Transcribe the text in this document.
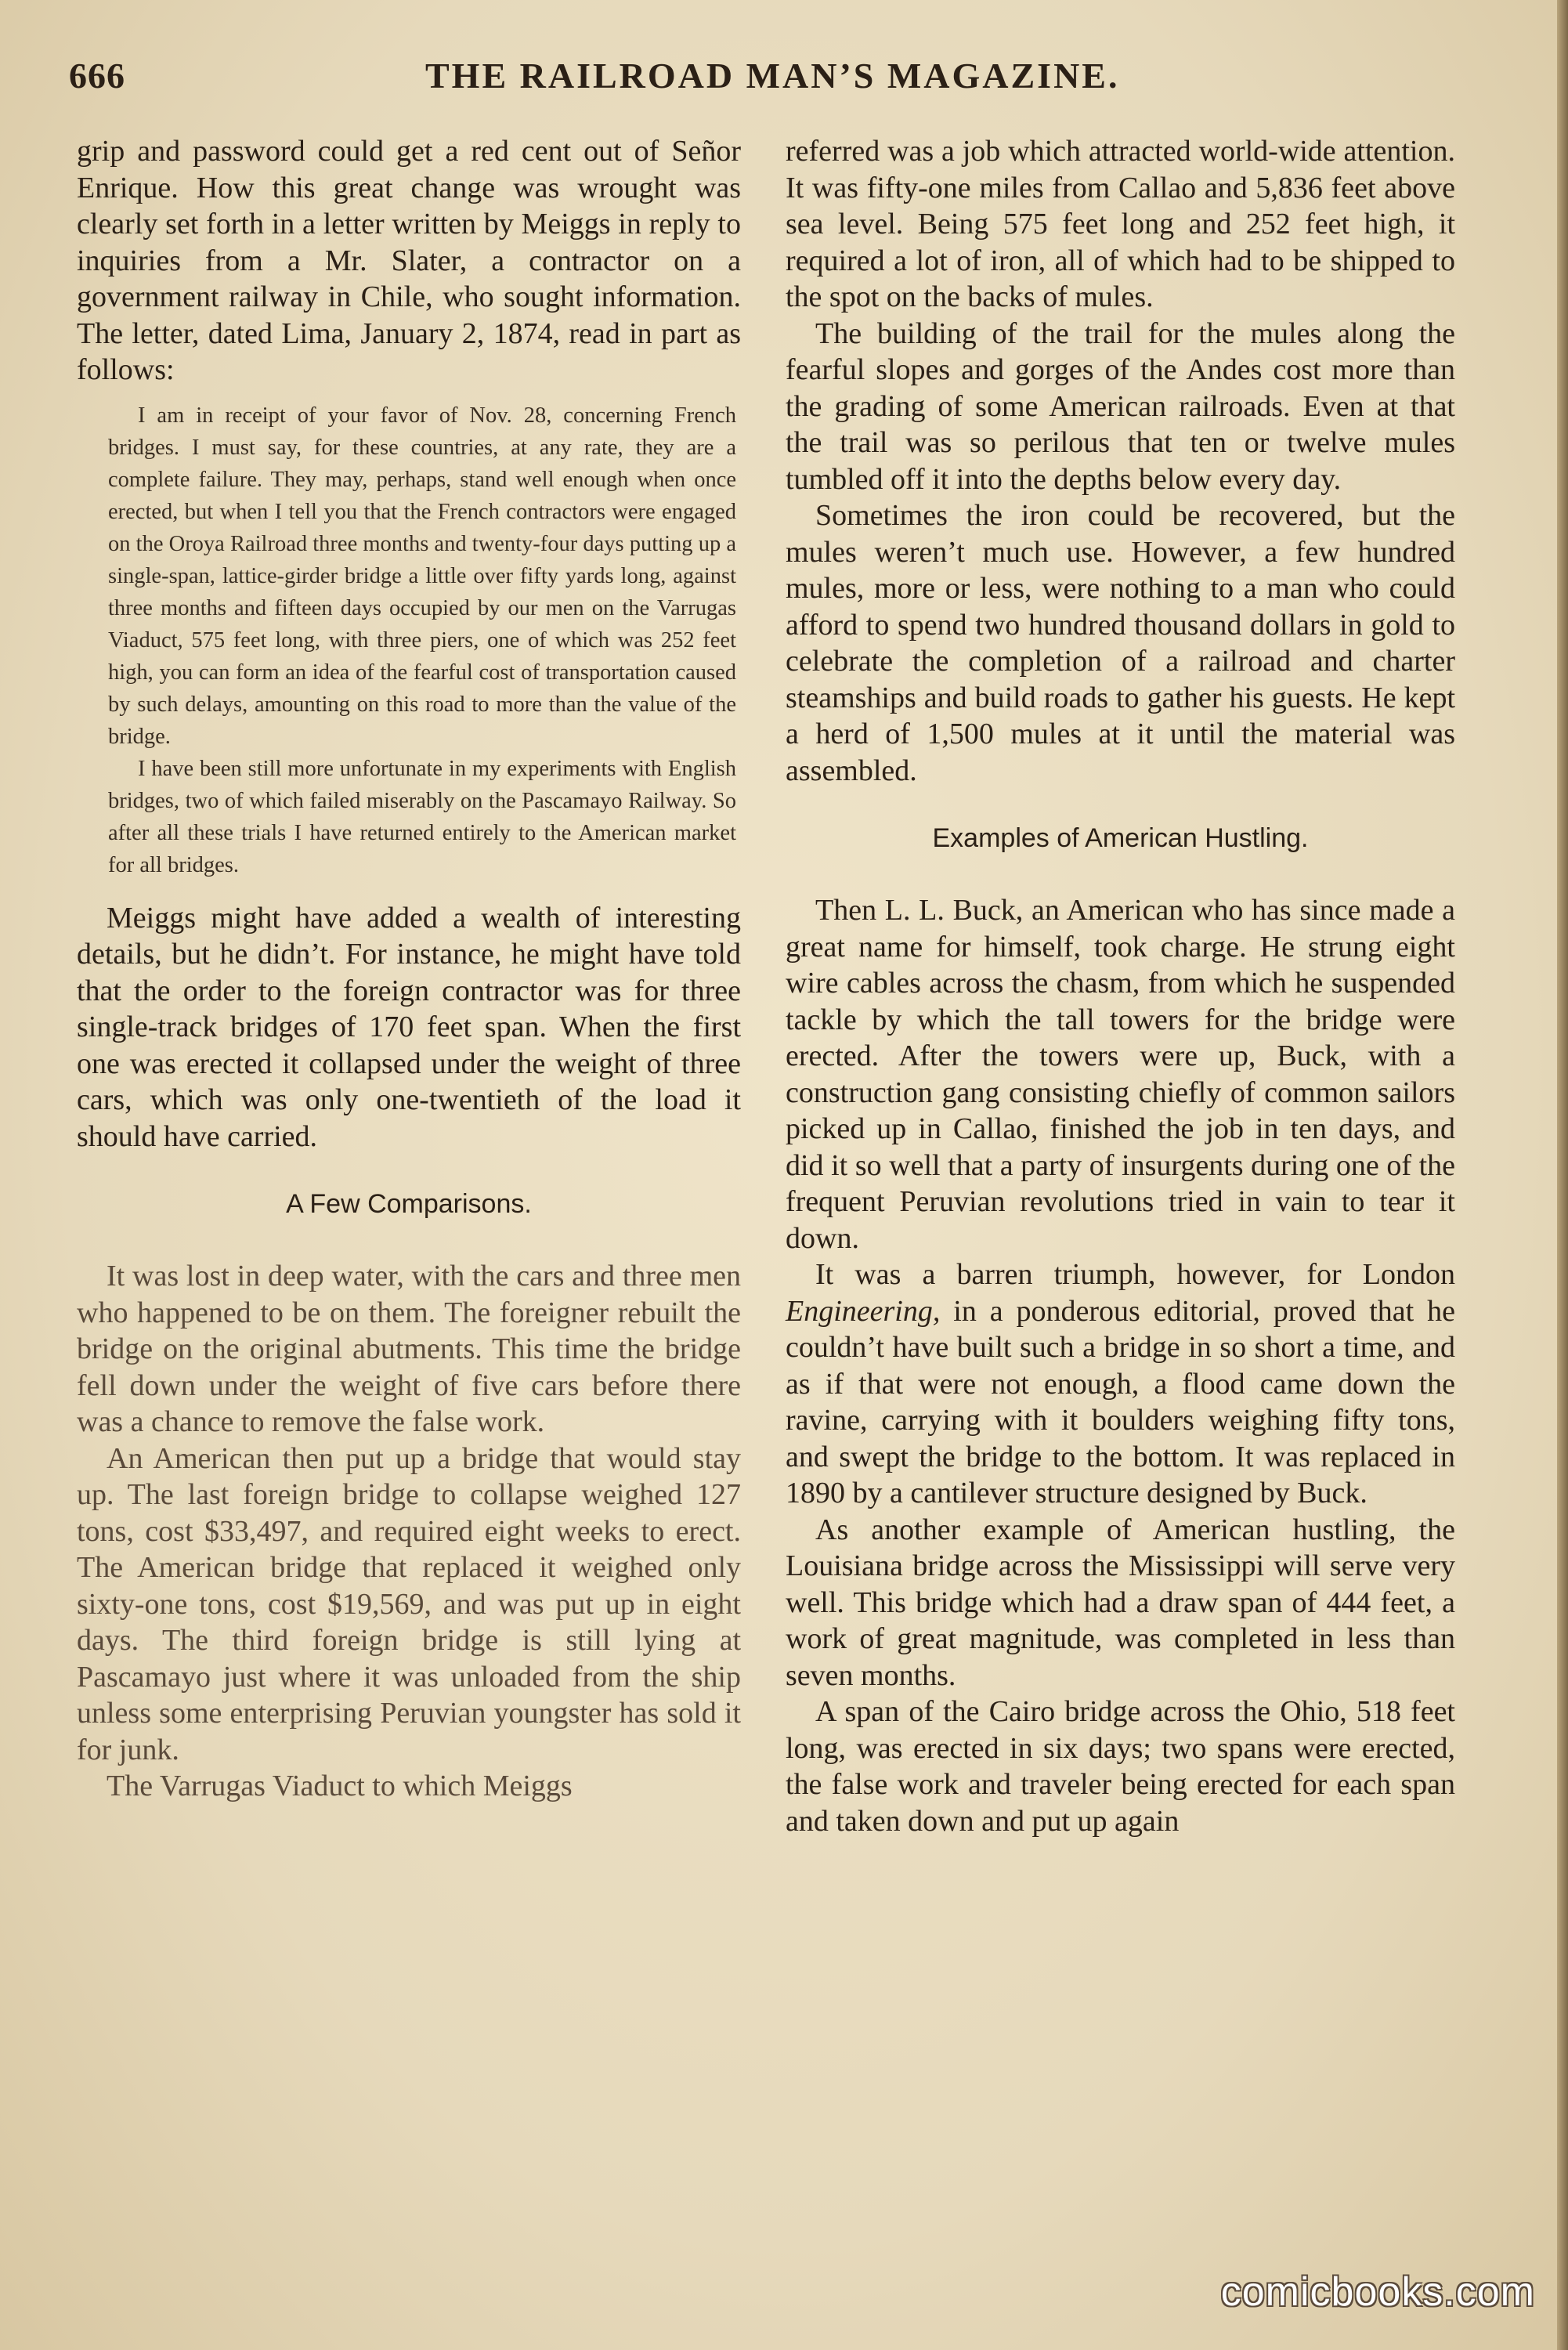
666	THE RAILROAD MAN’S MAGAZINE.

grip and password could get a red cent out of Señor Enrique. How this great change was wrought was clearly set forth in a letter written by Meiggs in reply to inquiries from a Mr. Slater, a contractor on a government railway in Chile, who sought information. The letter, dated Lima, January 2, 1874, read in part as follows:

I am in receipt of your favor of Nov. 28, concerning French bridges. I must say, for these countries, at any rate, they are a complete failure. They may, perhaps, stand well enough when once erected, but when I tell you that the French contractors were engaged on the Oroya Railroad three months and twenty-four days putting up a single-span, lattice-girder bridge a little over fifty yards long, against three months and fifteen days occupied by our men on the Varrugas Viaduct, 575 feet long, with three piers, one of which was 252 feet high, you can form an idea of the fearful cost of transportation caused by such delays, amounting on this road to more than the value of the bridge.

I have been still more unfortunate in my experiments with English bridges, two of which failed miserably on the Pascamayo Railway. So after all these trials I have returned entirely to the American market for all bridges.

Meiggs might have added a wealth of interesting details, but he didn’t. For instance, he might have told that the order to the foreign contractor was for three single-track bridges of 170 feet span. When the first one was erected it collapsed under the weight of three cars, which was only one-twentieth of the load it should have carried.

A Few Comparisons.

It was lost in deep water, with the cars and three men who happened to be on them. The foreigner rebuilt the bridge on the original abutments. This time the bridge fell down under the weight of five cars before there was a chance to remove the false work.

An American then put up a bridge that would stay up. The last foreign bridge to collapse weighed 127 tons, cost $33,497, and required eight weeks to erect. The American bridge that replaced it weighed only sixty-one tons, cost $19,569, and was put up in eight days. The third foreign bridge is still lying at Pascamayo just where it was unloaded from the ship unless some enterprising Peruvian youngster has sold it for junk.

The Varrugas Viaduct to which Meiggs

referred was a job which attracted world-wide attention. It was fifty-one miles from Callao and 5,836 feet above sea level. Being 575 feet long and 252 feet high, it required a lot of iron, all of which had to be shipped to the spot on the backs of mules.

The building of the trail for the mules along the fearful slopes and gorges of the Andes cost more than the grading of some American railroads. Even at that the trail was so perilous that ten or twelve mules tumbled off it into the depths below every day.

Sometimes the iron could be recovered, but the mules weren’t much use. However, a few hundred mules, more or less, were nothing to a man who could afford to spend two hundred thousand dollars in gold to celebrate the completion of a railroad and charter steamships and build roads to gather his guests. He kept a herd of 1,500 mules at it until the material was assembled.

Examples of American Hustling.

Then L. L. Buck, an American who has since made a great name for himself, took charge. He strung eight wire cables across the chasm, from which he suspended tackle by which the tall towers for the bridge were erected. After the towers were up, Buck, with a construction gang consisting chiefly of common sailors picked up in Callao, finished the job in ten days, and did it so well that a party of insurgents during one of the frequent Peruvian revolutions tried in vain to tear it down.

It was a barren triumph, however, for London Engineering, in a ponderous editorial, proved that he couldn’t have built such a bridge in so short a time, and as if that were not enough, a flood came down the ravine, carrying with it boulders weighing fifty tons, and swept the bridge to the bottom. It was replaced in 1890 by a cantilever structure designed by Buck.

As another example of American hustling, the Louisiana bridge across the Mississippi will serve very well. This bridge which had a draw span of 444 feet, a work of great magnitude, was completed in less than seven months.

A span of the Cairo bridge across the Ohio, 518 feet long, was erected in six days; two spans were erected, the false work and traveler being erected for each span and taken down and put up again

comicbooks.com
